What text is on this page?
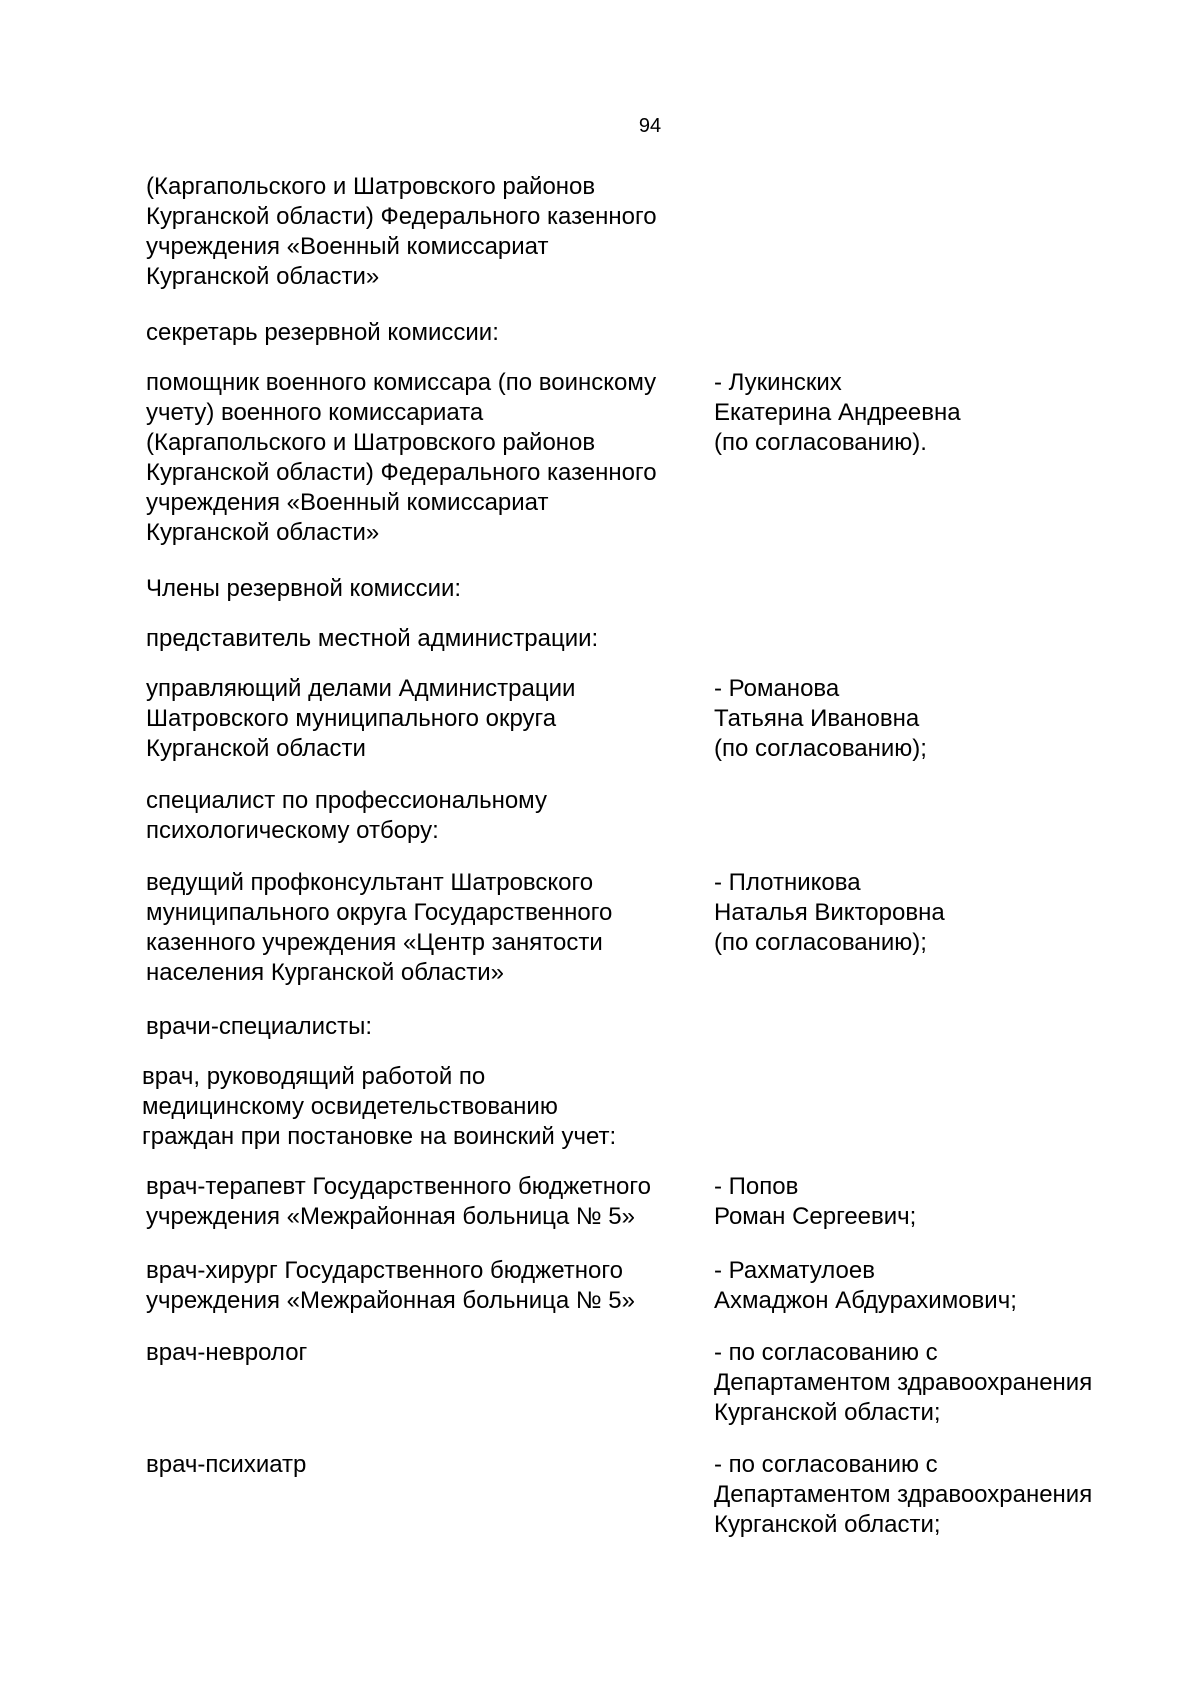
94

(Каргапольского и Шатровского районов
Курганской области) Федерального казенного
учреждения «Военный комиссариат
Курганской области»

секретарь резервной комиссии:

помощник военного комиссара (по воинскому
учету) военного комиссариата
(Каргапольского и Шатровского районов
Курганской области) Федерального казенного
учреждения «Военный комиссариат
Курганской области»

- Лукинских
Екатерина Андреевна
(по согласованию).

Члены резервной комиссии:

представитель местной администрации:

управляющий делами Администрации
Шатровского муниципального округа
Курганской области

- Романова
Татьяна Ивановна
(по согласованию);

специалист по профессиональному
психологическому отбору:

ведущий профконсультант Шатровского
муниципального округа Государственного
казенного учреждения «Центр занятости
населения Курганской области»

- Плотникова
Наталья Викторовна
(по согласованию);

врачи-специалисты:

врач, руководящий работой по
медицинскому освидетельствованию
граждан при постановке на воинский учет:

врач-терапевт Государственного бюджетного
учреждения «Межрайонная больница № 5»

- Попов
Роман Сергеевич;

врач-хирург Государственного бюджетного
учреждения «Межрайонная больница № 5»

- Рахматулоев
Ахмаджон Абдурахимович;

врач-невролог	- по согласованию с
Департаментом здравоохранения
Курганской области;

врач-психиатр	- по согласованию с
Департаментом здравоохранения
Курганской области;
